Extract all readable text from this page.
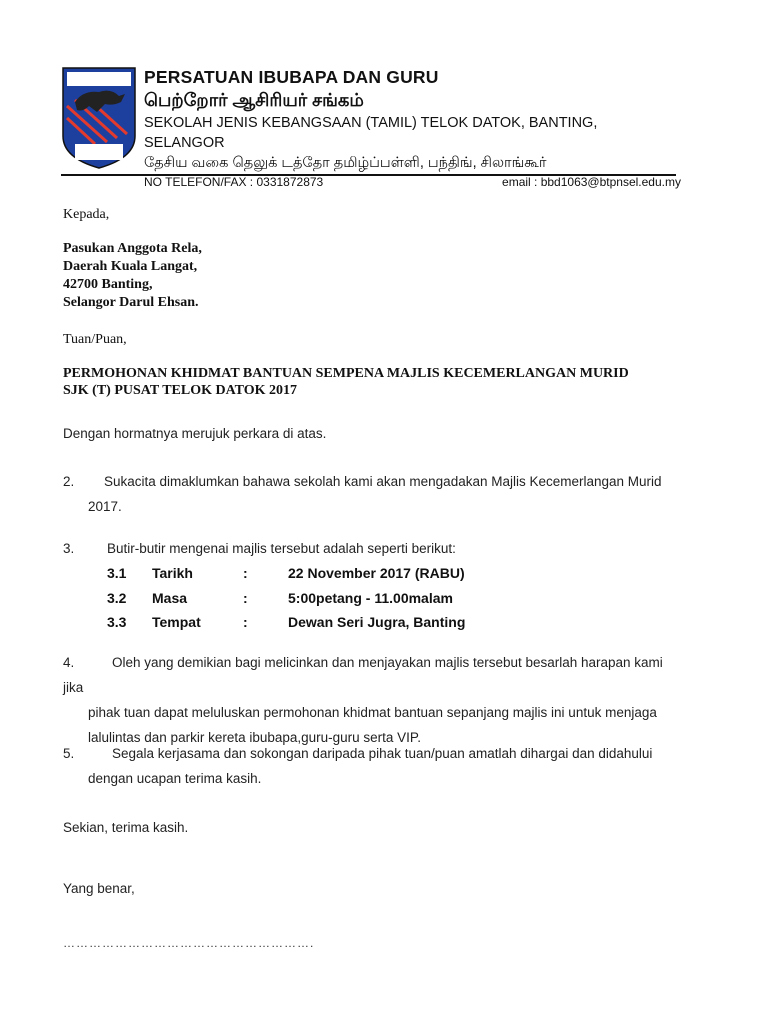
PERSATUAN IBUBAPA DAN GURU
பெற்றோர் ஆசிரியர் சங்கம்
SEKOLAH JENIS KEBANGSAAN (TAMIL) TELOK DATOK, BANTING, SELANGOR
தேசிய வகை தெலுக் டத்தோ தமிழ்ப்பள்ளி, பந்திங், சிலாங்கூர்
NO TELEFON/FAX : 0331872873	email : bbd1063@btpnsel.edu.my
Kepada,
Pasukan Anggota Rela,
Daerah Kuala Langat,
42700 Banting,
Selangor Darul Ehsan.
Tuan/Puan,
PERMOHONAN KHIDMAT BANTUAN SEMPENA MAJLIS KECEMERLANGAN MURID
SJK (T) PUSAT TELOK DATOK 2017
Dengan hormatnya merujuk perkara di atas.
2. Sukacita dimaklumkan bahawa sekolah kami akan mengadakan Majlis Kecemerlangan Murid
2017.
3. Butir-butir mengenai majlis tersebut adalah seperti berikut:
3.1 Tarikh	:	22 November 2017 (RABU)
3.2 Masa	:	5:00petang - 11.00malam
3.3 Tempat	:	Dewan Seri Jugra, Banting
4.	Oleh yang demikian bagi melicinkan dan menjayakan majlis tersebut besarlah harapan kami jika
pihak tuan dapat meluluskan permohonan khidmat bantuan sepanjang majlis ini untuk menjaga
lalulintas dan parkir kereta ibubapa,guru-guru serta VIP.
5.	Segala kerjasama dan sokongan daripada pihak tuan/puan amatlah dihargai dan didahului
dengan ucapan terima kasih.
Sekian, terima kasih.
Yang benar,
………………………………………………….
